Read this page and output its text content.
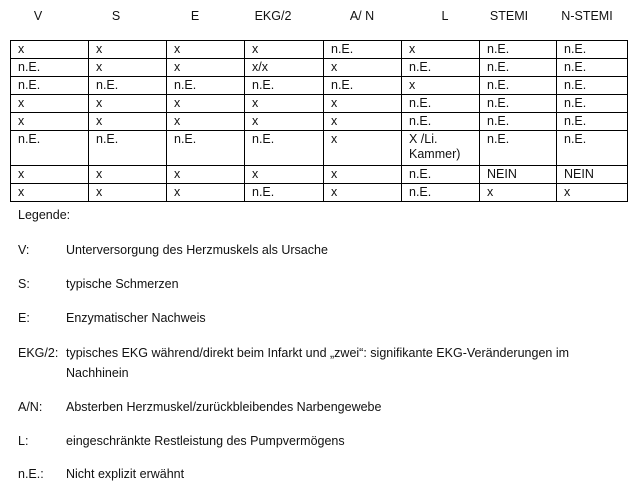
V	S	E	EKG/2	A/ N	L	STEMI	N-STEMI
x	x	x	x	n.E.	x	n.E.	n.E.
n.E.	x	x	x/x	x	n.E.	n.E.	n.E.
n.E.	n.E.	n.E.	n.E.	n.E.	x	n.E.	n.E.
x	x	x	x	x	n.E.	n.E.	n.E.
x	x	x	x	x	n.E.	n.E.	n.E.
n.E.	n.E.	n.E.	n.E.	x	X /Li. Kammer)	n.E.	n.E.
x	x	x	x	x	n.E.	NEIN	NEIN
x	x	x	n.E.	x	n.E.	x	x
Legende:
V:	Unterversorgung des Herzmuskels als Ursache
S:	typische Schmerzen
E:	Enzymatischer Nachweis
EKG/2: typisches EKG während/direkt beim Infarkt und „zwei“: signifikante EKG-Veränderungen im Nachhinein
A/N: Absterben Herzmuskel/zurückbleibendes Narbengewebe
L:	eingeschränkte Restleistung des Pumpvermögens
n.E.: Nicht explizit erwähnt
